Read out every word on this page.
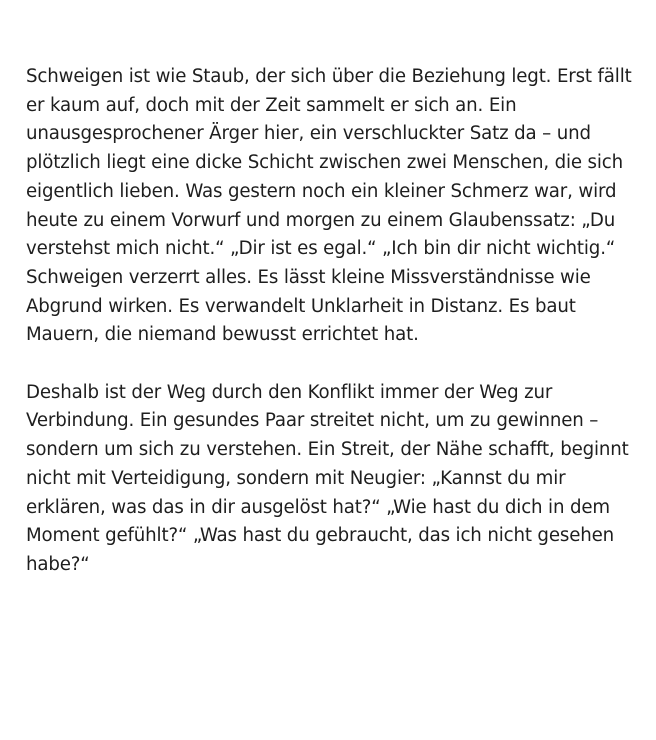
Schweigen ist wie Staub, der sich über die Beziehung legt. Erst fällt er kaum auf, doch mit der Zeit sammelt er sich an. Ein unausgesprochener Ärger hier, ein verschluckter Satz da – und plötzlich liegt eine dicke Schicht zwischen zwei Menschen, die sich eigentlich lieben. Was gestern noch ein kleiner Schmerz war, wird heute zu einem Vorwurf und morgen zu einem Glaubenssatz: „Du verstehst mich nicht.“ „Dir ist es egal.“ „Ich bin dir nicht wichtig.“ Schweigen verzerrt alles. Es lässt kleine Missverständnisse wie Abgrund wirken. Es verwandelt Unklarheit in Distanz. Es baut Mauern, die niemand bewusst errichtet hat.

Deshalb ist der Weg durch den Konflikt immer der Weg zur Verbindung. Ein gesundes Paar streitet nicht, um zu gewinnen – sondern um sich zu verstehen. Ein Streit, der Nähe schafft, beginnt nicht mit Verteidigung, sondern mit Neugier: „Kannst du mir erklären, was das in dir ausgelöst hat?“ „Wie hast du dich in dem Moment gefühlt?“ „Was hast du gebraucht, das ich nicht gesehen habe?“
